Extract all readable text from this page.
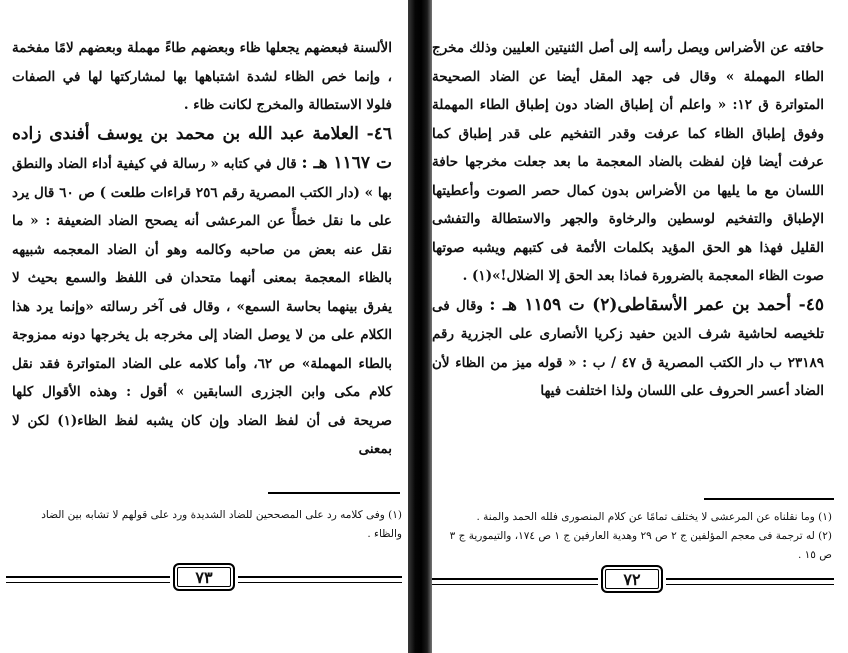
الألسنة فبعضهم يجعلها ظاء وبعضهم طاءً مهملة وبعضهم لامًا مفخمة ، وإنما خص الظاء لشدة اشتباهها بها لمشاركتها لها في الصفات فلولا الاستطالة والمخرج لكانت ظاء .

٤٦- العلامة عبد الله بن محمد بن يوسف أفندى زاده ت ١١٦٧ هـ : قال في كتابه « رسالة في كيفية أداء الضاد والنطق بها » (دار الكتب المصرية رقم ٢٥٦ قراءات طلعت ) ص ٦٠ قال يرد على ما نقل خطأً عن المرعشى أنه يصحح الضاد الضعيفة : « ما نقل عنه بعض من صاحبه وكالمه وهو أن الضاد المعجمه شبيهه بالظاء المعجمة بمعنى أنهما متحدان فى اللفظ والسمع بحيث لا يفرق بينهما بحاسة السمع» ، وقال فى آخر رسالته «وإنما يرد هذا الكلام على من لا يوصل الضاد إلى مخرجه بل يخرجها دونه ممزوجة بالطاء المهملة» ص ٦٢، وأما كلامه على الضاد المتواترة فقد نقل كلام مكى وابن الجزرى السابقين » أقول : وهذه الأقوال كلها صريحة فى أن لفظ الضاد وإن كان يشبه لفظ الظاء(١) لكن لا بمعنى

(١) وفى كلامه رد على المصححين للضاد الشديدة ورد على قولهم لا تشابه بين الضاد والظاء .

٧٣

حافته عن الأضراس ويصل رأسه إلى أصل الثنيتين العليين وذلك مخرج الطاء المهملة » وقال فى جهد المقل أيضا عن الضاد الصحيحة المتواترة ق ١٢: « واعلم أن إطباق الضاد دون إطباق الطاء المهملة وفوق إطباق الظاء كما عرفت وقدر التفخيم على قدر إطباق كما عرفت أيضا فإن لفظت بالضاد المعجمة ما بعد جعلت مخرجها حافة اللسان مع ما يليها من الأضراس بدون كمال حصر الصوت وأعطيتها الإطباق والتفخيم لوسطين والرخاوة والجهر والاستطالة والتفشى القليل فهذا هو الحق المؤيد بكلمات الأئمة فى كتبهم ويشبه صوتها صوت الظاء المعجمة بالضرورة فماذا بعد الحق إلا الضلال!»(١) .

٤٥- أحمد بن عمر الأسقاطى(٢) ت ١١٥٩ هـ : وقال فى تلخيصه لحاشية شرف الدين حفيد زكريا الأنصارى على الجزرية رقم ٢٣١٨٩ ب دار الكتب المصرية ق ٤٧ / ب : « قوله ميز من الظاء لأن الضاد أعسر الحروف على اللسان ولذا اختلفت فيها

(١) وما نقلناه عن المرعشى لا يختلف تمامًا عن كلام المنصورى فلله الحمد والمنة .

(٢) له ترجمة فى معجم المؤلفين ج ٢ ص ٢٩ وهدية العارفين ج ١ ص ١٧٤، والتيمورية ج ٣ ص ١٥ .

٧٢
